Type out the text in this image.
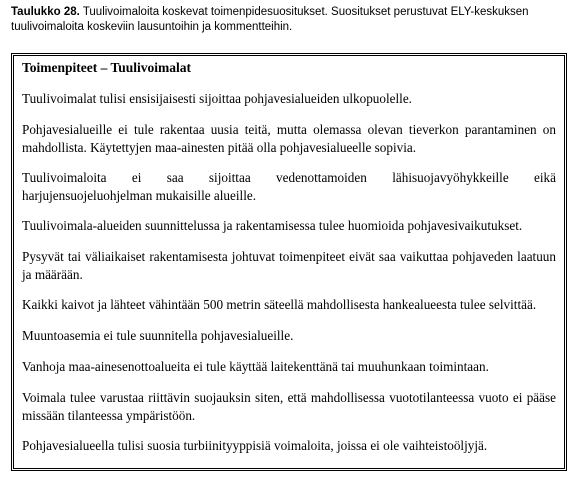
Taulukko 28. Tuulivoimaloita koskevat toimenpidesuositukset. Suositukset perustuvat ELY-keskuksen tuulivoimaloita koskeviin lausuntoihin ja kommentteihin.
Toimenpiteet – Tuulivoimalat
Tuulivoimalat tulisi ensisijaisesti sijoittaa pohjavesialueiden ulkopuolelle.
Pohjavesialueille ei tule rakentaa uusia teitä, mutta olemassa olevan tieverkon parantaminen on mahdollista. Käytettyjen maa-ainesten pitää olla pohjavesialueelle sopivia.
Tuulivoimaloita ei saa sijoittaa vedenottamoiden lähisuojavyöhykkeille eikä harjujensuojeluohjelman mukaisille alueille.
Tuulivoimala-alueiden suunnittelussa ja rakentamisessa tulee huomioida pohjavesivaikutukset.
Pysyvät tai väliaikaiset rakentamisesta johtuvat toimenpiteet eivät saa vaikuttaa pohjaveden laatuun ja määrään.
Kaikki kaivot ja lähteet vähintään 500 metrin säteellä mahdollisesta hankealueesta tulee selvittää.
Muuntoasemia ei tule suunnitella pohjavesialueille.
Vanhoja maa-ainesenottoalueita ei tule käyttää laitekenttänä tai muuhunkaan toimintaan.
Voimala tulee varustaa riittävin suojauksin siten, että mahdollisessa vuototilanteessa vuoto ei pääse missään tilanteessa ympäristöön.
Pohjavesialueella tulisi suosia turbiinityyppisiä voimaloita, joissa ei ole vaihteistoöljyjä.
